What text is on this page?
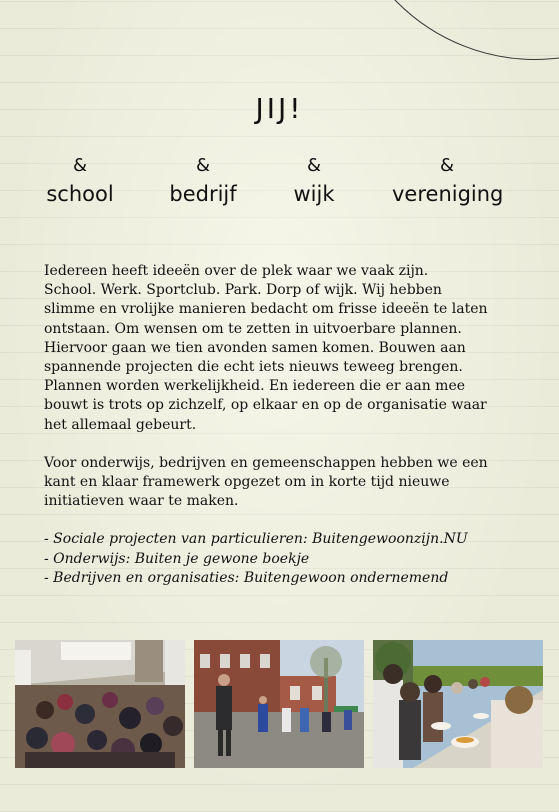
JIJ!
&
school
&
bedrijf
&
wijk
&
vereniging

Iedereen heeft ideeën over de plek waar we vaak zijn.
School. Werk. Sportclub. Park. Dorp of wijk. Wij hebben
slimme en vrolijke manieren bedacht om frisse ideeën te laten
ontstaan. Om wensen om te zetten in uitvoerbare plannen.
Hiervoor gaan we tien avonden samen komen. Bouwen aan
spannende projecten die echt iets nieuws teweeg brengen.
Plannen worden werkelijkheid. En iedereen die er aan mee
bouwt is trots op zichzelf, op elkaar en op de organisatie waar
het allemaal gebeurt.

Voor onderwijs, bedrijven en gemeenschappen hebben we een
kant en klaar framewerk opgezet om in korte tijd nieuwe
initiatieven waar te maken.

- Sociale projecten van particulieren: Buitengewoonzijn.NU
- Onderwijs: Buiten je gewone boekje
- Bedrijven en organisaties: Buitengewoon ondernemend
